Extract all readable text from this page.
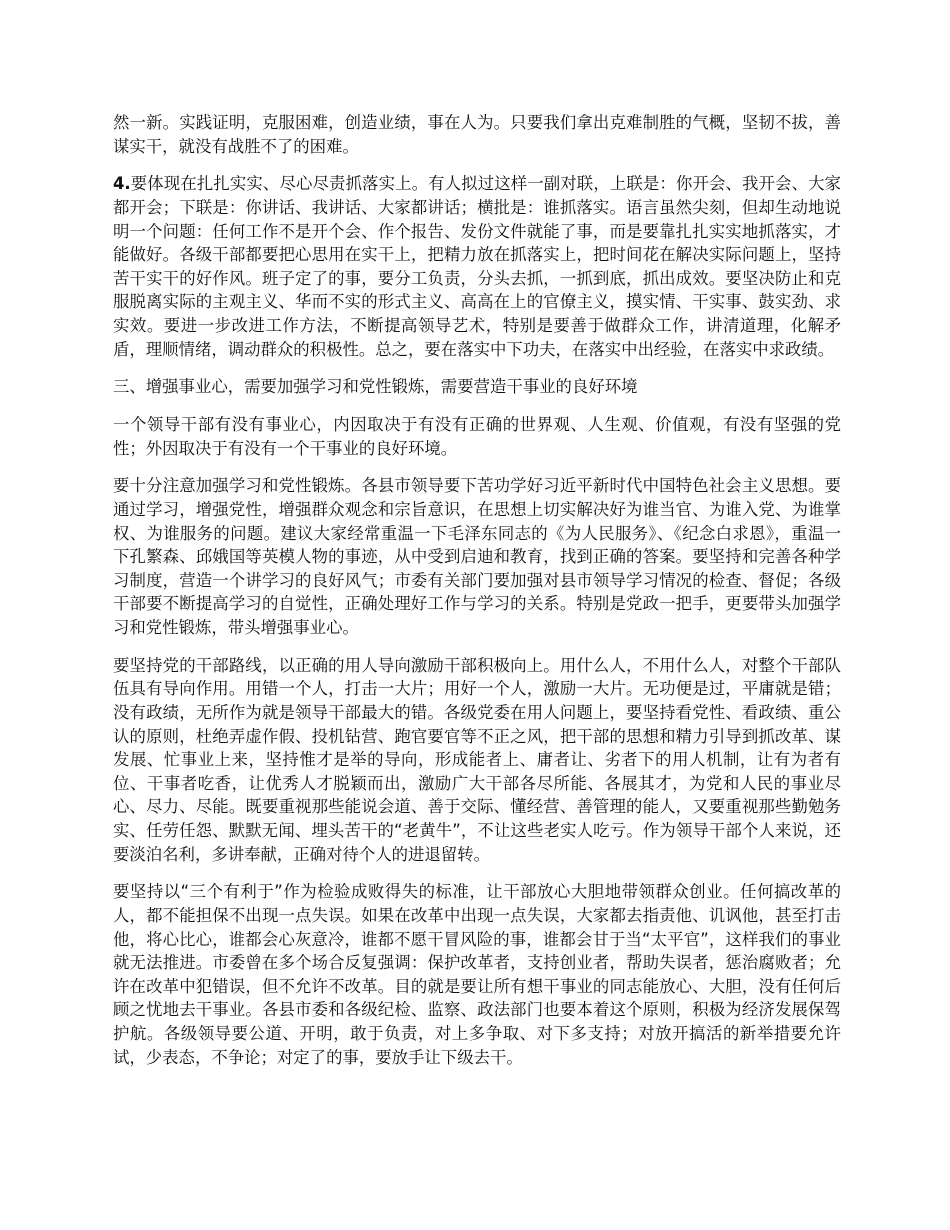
然一新。实践证明，克服困难，创造业绩，事在人为。只要我们拿出克难制胜的气概，坚韧不拔，善谋实干，就没有战胜不了的困难。

4.要体现在扎扎实实、尽心尽责抓落实上。有人拟过这样一副对联，上联是：你开会、我开会、大家都开会；下联是：你讲话、我讲话、大家都讲话；横批是：谁抓落实。语言虽然尖刻，但却生动地说明一个问题：任何工作不是开个会、作个报告、发份文件就能了事，而是要靠扎扎实实地抓落实，才能做好。各级干部都要把心思用在实干上，把精力放在抓落实上，把时间花在解决实际问题上，坚持苦干实干的好作风。班子定了的事，要分工负责，分头去抓，一抓到底，抓出成效。要坚决防止和克服脱离实际的主观主义、华而不实的形式主义、高高在上的官僚主义，摸实情、干实事、鼓实劲、求实效。要进一步改进工作方法，不断提高领导艺术，特别是要善于做群众工作，讲清道理，化解矛盾，理顺情绪，调动群众的积极性。总之，要在落实中下功夫，在落实中出经验，在落实中求政绩。

三、增强事业心，需要加强学习和党性锻炼，需要营造干事业的良好环境

一个领导干部有没有事业心，内因取决于有没有正确的世界观、人生观、价值观，有没有坚强的党性；外因取决于有没有一个干事业的良好环境。

要十分注意加强学习和党性锻炼。各县市领导要下苦功学好习近平新时代中国特色社会主义思想。要通过学习，增强党性，增强群众观念和宗旨意识，在思想上切实解决好为谁当官、为谁入党、为谁掌权、为谁服务的问题。建议大家经常重温一下毛泽东同志的《为人民服务》、《纪念白求恩》，重温一下孔繁森、邱娥国等英模人物的事迹，从中受到启迪和教育，找到正确的答案。要坚持和完善各种学习制度，营造一个讲学习的良好风气；市委有关部门要加强对县市领导学习情况的检查、督促；各级干部要不断提高学习的自觉性，正确处理好工作与学习的关系。特别是党政一把手，更要带头加强学习和党性锻炼，带头增强事业心。

要坚持党的干部路线，以正确的用人导向激励干部积极向上。用什么人，不用什么人，对整个干部队伍具有导向作用。用错一个人，打击一大片；用好一个人，激励一大片。无功便是过，平庸就是错；没有政绩，无所作为就是领导干部最大的错。各级党委在用人问题上，要坚持看党性、看政绩、重公认的原则，杜绝弄虚作假、投机钻营、跑官要官等不正之风，把干部的思想和精力引导到抓改革、谋发展、忙事业上来，坚持惟才是举的导向，形成能者上、庸者让、劣者下的用人机制，让有为者有位、干事者吃香，让优秀人才脱颖而出，激励广大干部各尽所能、各展其才，为党和人民的事业尽心、尽力、尽能。既要重视那些能说会道、善于交际、懂经营、善管理的能人，又要重视那些勤勉务实、任劳任怨、默默无闻、埋头苦干的“老黄牛”，不让这些老实人吃亏。作为领导干部个人来说，还要淡泊名利，多讲奉献，正确对待个人的进退留转。

要坚持以“三个有利于”作为检验成败得失的标准，让干部放心大胆地带领群众创业。任何搞改革的人，都不能担保不出现一点失误。如果在改革中出现一点失误，大家都去指责他、讥讽他，甚至打击他，将心比心，谁都会心灰意冷，谁都不愿干冒风险的事，谁都会甘于当“太平官”，这样我们的事业就无法推进。市委曾在多个场合反复强调：保护改革者，支持创业者，帮助失误者，惩治腐败者；允许在改革中犯错误，但不允许不改革。目的就是要让所有想干事业的同志能放心、大胆，没有任何后顾之忧地去干事业。各县市委和各级纪检、监察、政法部门也要本着这个原则，积极为经济发展保驾护航。各级领导要公道、开明，敢于负责，对上多争取、对下多支持；对放开搞活的新举措要允许试，少表态，不争论；对定了的事，要放手让下级去干。
